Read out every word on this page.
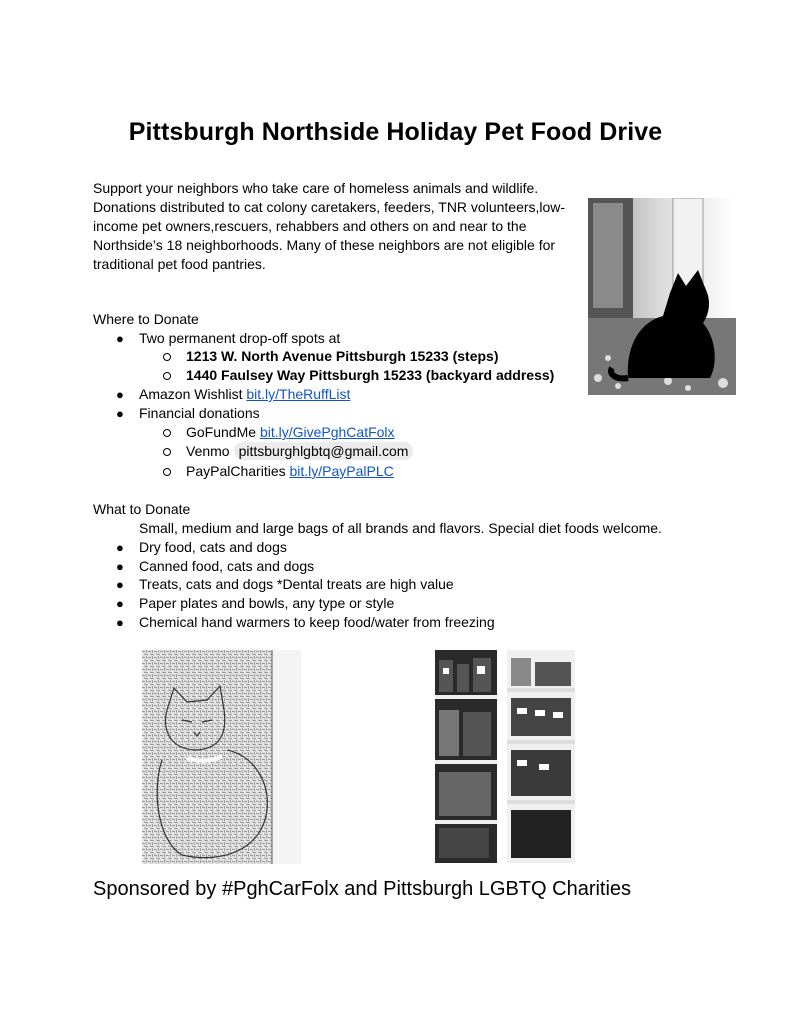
Pittsburgh Northside Holiday Pet Food Drive
Support your neighbors who take care of homeless animals and wildlife. Donations distributed to cat colony caretakers, feeders, TNR volunteers,low-income pet owners,rescuers, rehabbers and others on and near to the Northside’s 18 neighborhoods. Many of these neighbors are not eligible for traditional pet food pantries.
Where to Donate
● Two permanent drop-off spots at
1213 W. North Avenue Pittsburgh 15233 (steps)
1440 Faulsey Way Pittsburgh 15233 (backyard address)
● Amazon Wishlist bit.ly/TheRuffList
● Financial donations
GoFundMe bit.ly/GivePghCatFolx
Venmo pittsburghlgbtq@gmail.com
PayPalCharities bit.ly/PayPalPLC
What to Donate
Small, medium and large bags of all brands and flavors. Special diet foods welcome.
● Dry food, cats and dogs
● Canned food, cats and dogs
● Treats, cats and dogs *Dental treats are high value
● Paper plates and bowls, any type or style
● Chemical hand warmers to keep food/water from freezing
Sponsored by #PghCarFolx and Pittsburgh LGBTQ Charities
